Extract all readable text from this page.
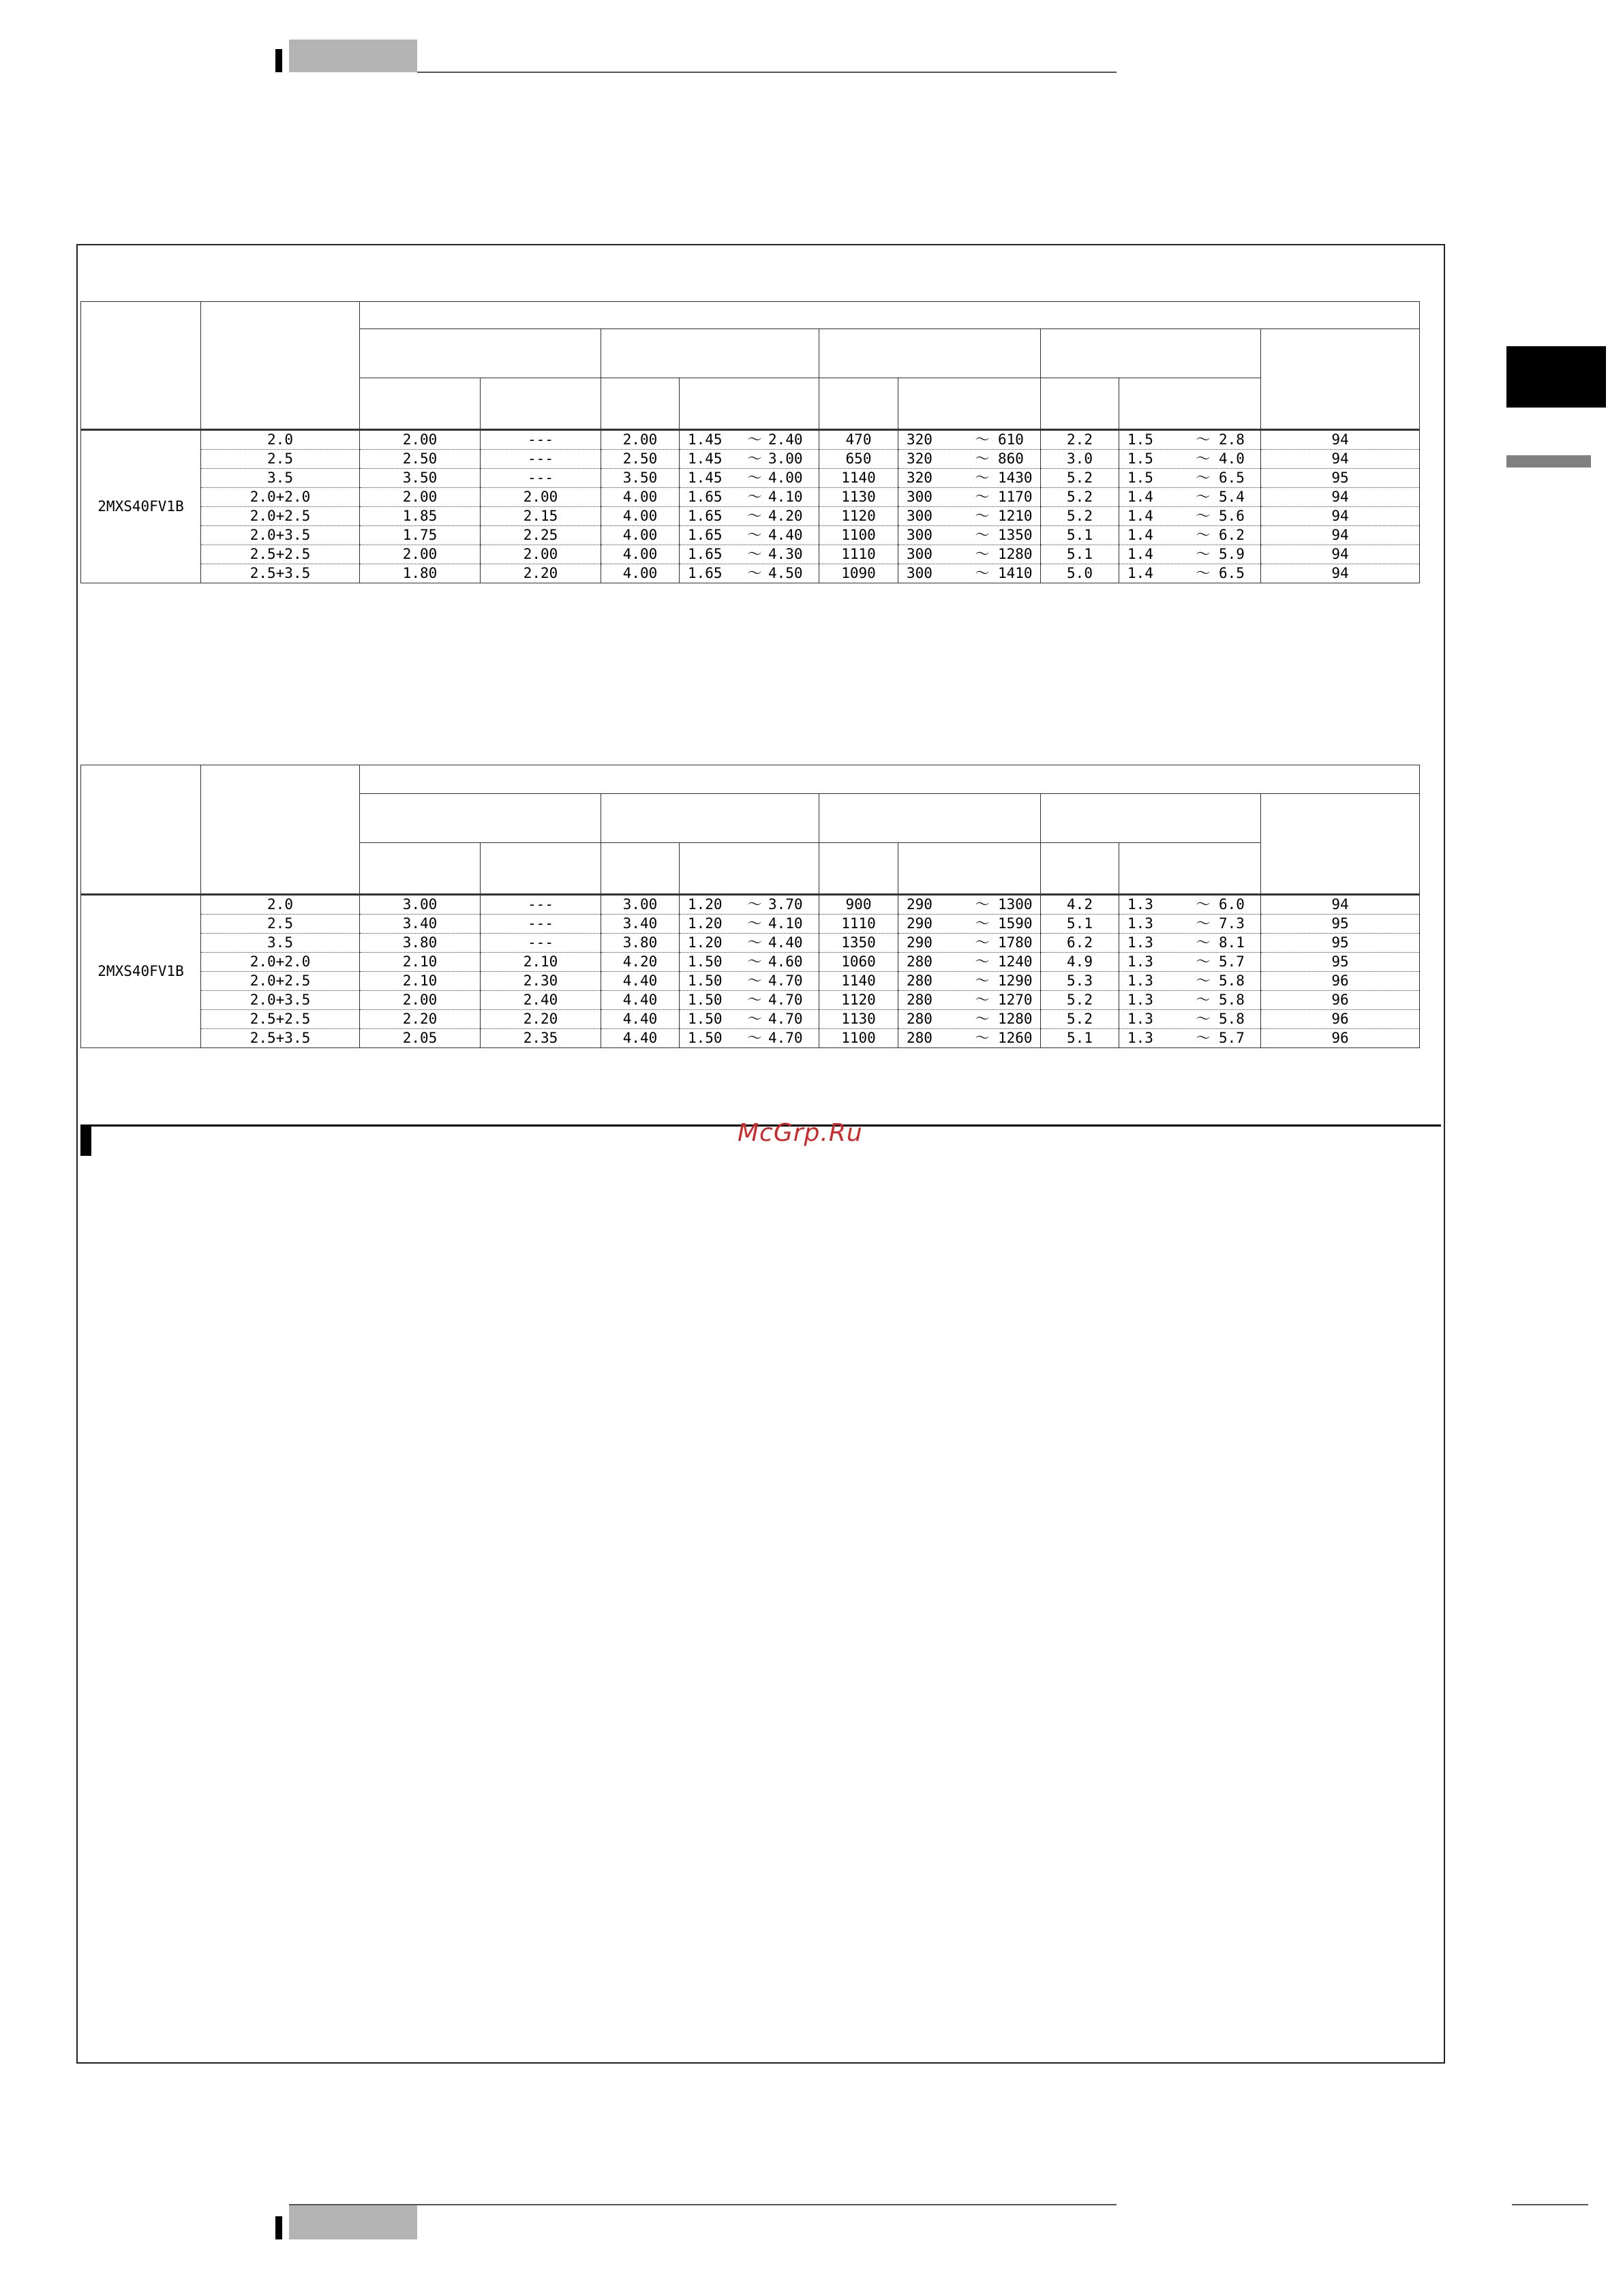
2MXS40FV1B	2.0	2.00	---	2.00	1.45 〜 2.40	470	320 〜 610	2.2	1.5 〜 2.8	94
	2.5	2.50	---	2.50	1.45 〜 3.00	650	320 〜 860	3.0	1.5 〜 4.0	94
	3.5	3.50	---	3.50	1.45 〜 4.00	1140	320 〜 1430	5.2	1.5 〜 6.5	95
	2.0+2.0	2.00	2.00	4.00	1.65 〜 4.10	1130	300 〜 1170	5.2	1.4 〜 5.4	94
	2.0+2.5	1.85	2.15	4.00	1.65 〜 4.20	1120	300 〜 1210	5.2	1.4 〜 5.6	94
	2.0+3.5	1.75	2.25	4.00	1.65 〜 4.40	1100	300 〜 1350	5.1	1.4 〜 6.2	94
	2.5+2.5	2.00	2.00	4.00	1.65 〜 4.30	1110	300 〜 1280	5.1	1.4 〜 5.9	94
	2.5+3.5	1.80	2.20	4.00	1.65 〜 4.50	1090	300 〜 1410	5.0	1.4 〜 6.5	94

2MXS40FV1B	2.0	3.00	---	3.00	1.20 〜 3.70	900	290 〜 1300	4.2	1.3 〜 6.0	94
	2.5	3.40	---	3.40	1.20 〜 4.10	1110	290 〜 1590	5.1	1.3 〜 7.3	95
	3.5	3.80	---	3.80	1.20 〜 4.40	1350	290 〜 1780	6.2	1.3 〜 8.1	95
	2.0+2.0	2.10	2.10	4.20	1.50 〜 4.60	1060	280 〜 1240	4.9	1.3 〜 5.7	95
	2.0+2.5	2.10	2.30	4.40	1.50 〜 4.70	1140	280 〜 1290	5.3	1.3 〜 5.8	96
	2.0+3.5	2.00	2.40	4.40	1.50 〜 4.70	1120	280 〜 1270	5.2	1.3 〜 5.8	96
	2.5+2.5	2.20	2.20	4.40	1.50 〜 4.70	1130	280 〜 1280	5.2	1.3 〜 5.8	96
	2.5+3.5	2.05	2.35	4.40	1.50 〜 4.70	1100	280 〜 1260	5.1	1.3 〜 5.7	96
McGrp.Ru
